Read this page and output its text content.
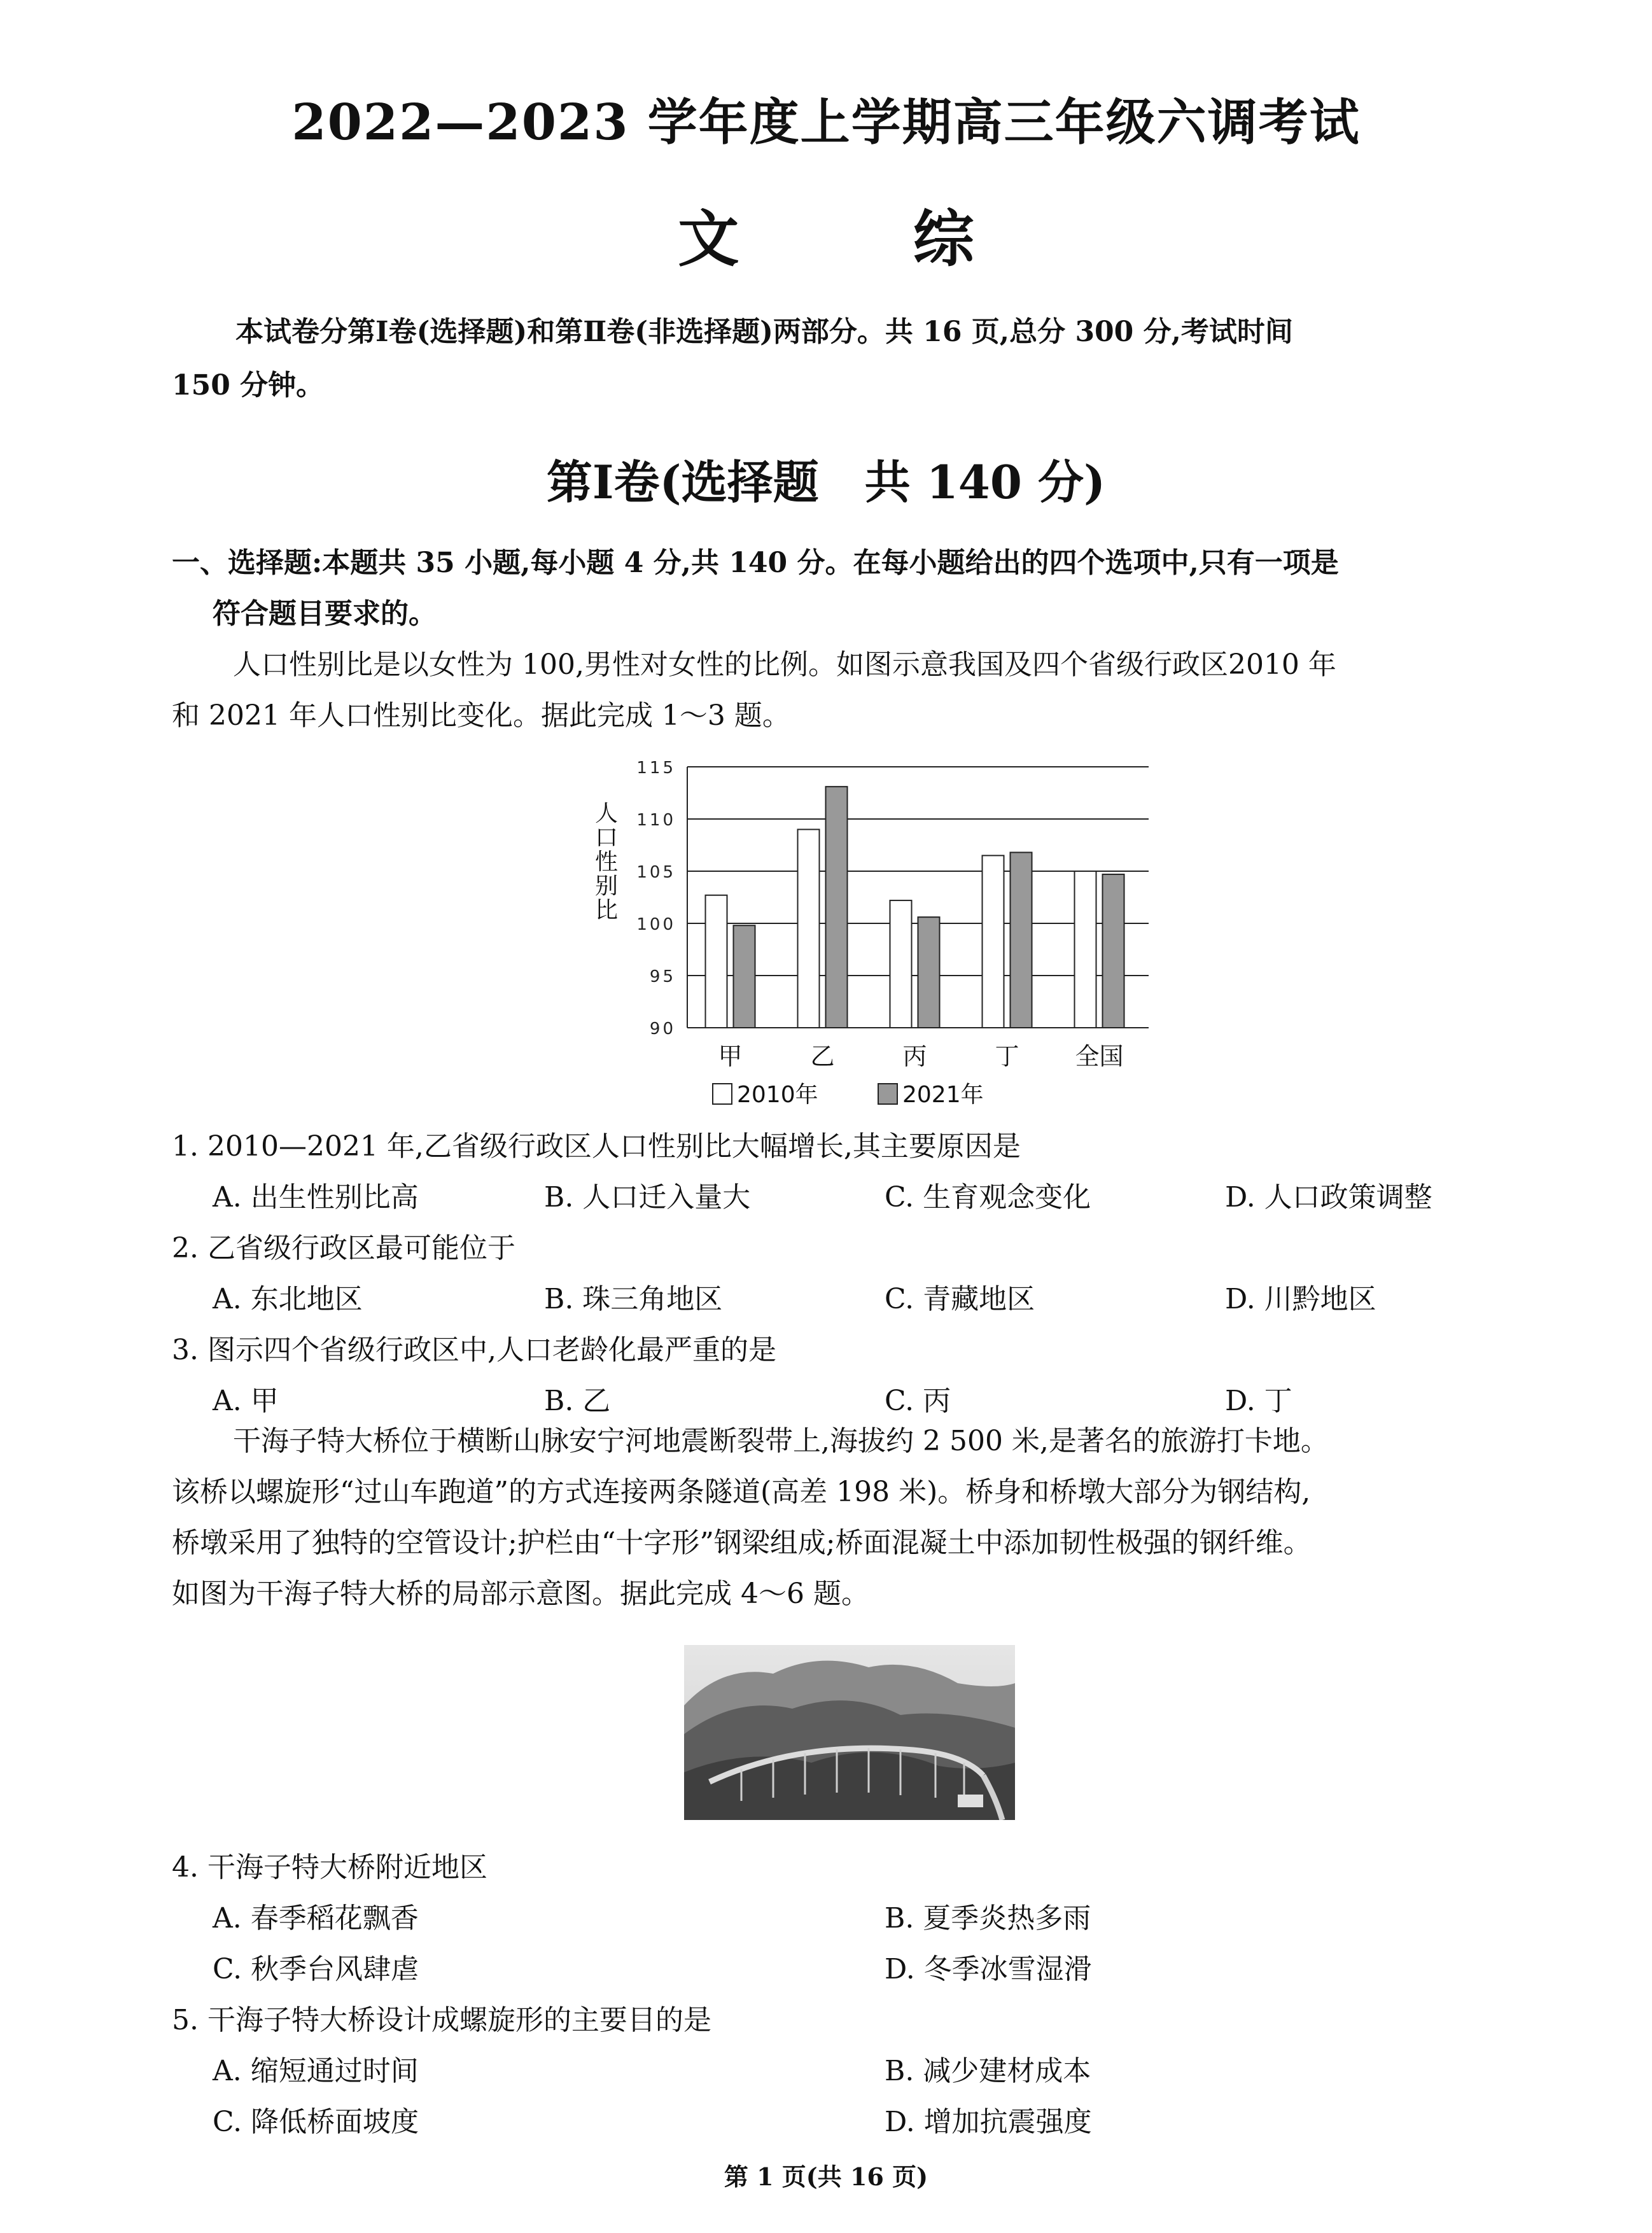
2022—2023 学年度上学期高三年级六调考试
文 综
本试卷分第Ⅰ卷(选择题)和第Ⅱ卷(非选择题)两部分。共 16 页,总分 300 分,考试时间
150 分钟。
第Ⅰ卷(选择题　共 140 分)
一、选择题:本题共 35 小题,每小题 4 分,共 140 分。在每小题给出的四个选项中,只有一项是
符合题目要求的。
人口性别比是以女性为 100,男性对女性的比例。如图示意我国及四个省级行政区2010 年
和 2021 年人口性别比变化。据此完成 1～3 题。
90
95
100
105
110
115
甲	乙	丙	丁 全国
人口性别比
2010年	2021年
1. 2010—2021 年,乙省级行政区人口性别比大幅增长,其主要原因是
A. 出生性别比高	B. 人口迁入量大	C. 生育观念变化	D. 人口政策调整
2. 乙省级行政区最可能位于
A. 东北地区	B. 珠三角地区	C. 青藏地区	D. 川黔地区
3. 图示四个省级行政区中,人口老龄化最严重的是
A. 甲	B. 乙	C. 丙	D. 丁
干海子特大桥位于横断山脉安宁河地震断裂带上,海拔约 2 500 米,是著名的旅游打卡地。
该桥以螺旋形“过山车跑道”的方式连接两条隧道(高差 198 米)。桥身和桥墩大部分为钢结构,
桥墩采用了独特的空管设计;护栏由“十字形”钢梁组成;桥面混凝土中添加韧性极强的钢纤维。
如图为干海子特大桥的局部示意图。据此完成 4～6 题。
4. 干海子特大桥附近地区
A. 春季稻花飘香	B. 夏季炎热多雨
C. 秋季台风肆虐	D. 冬季冰雪湿滑
5. 干海子特大桥设计成螺旋形的主要目的是
A. 缩短通过时间	B. 减少建材成本
C. 降低桥面坡度	D. 增加抗震强度
第 1 页(共 16 页)
